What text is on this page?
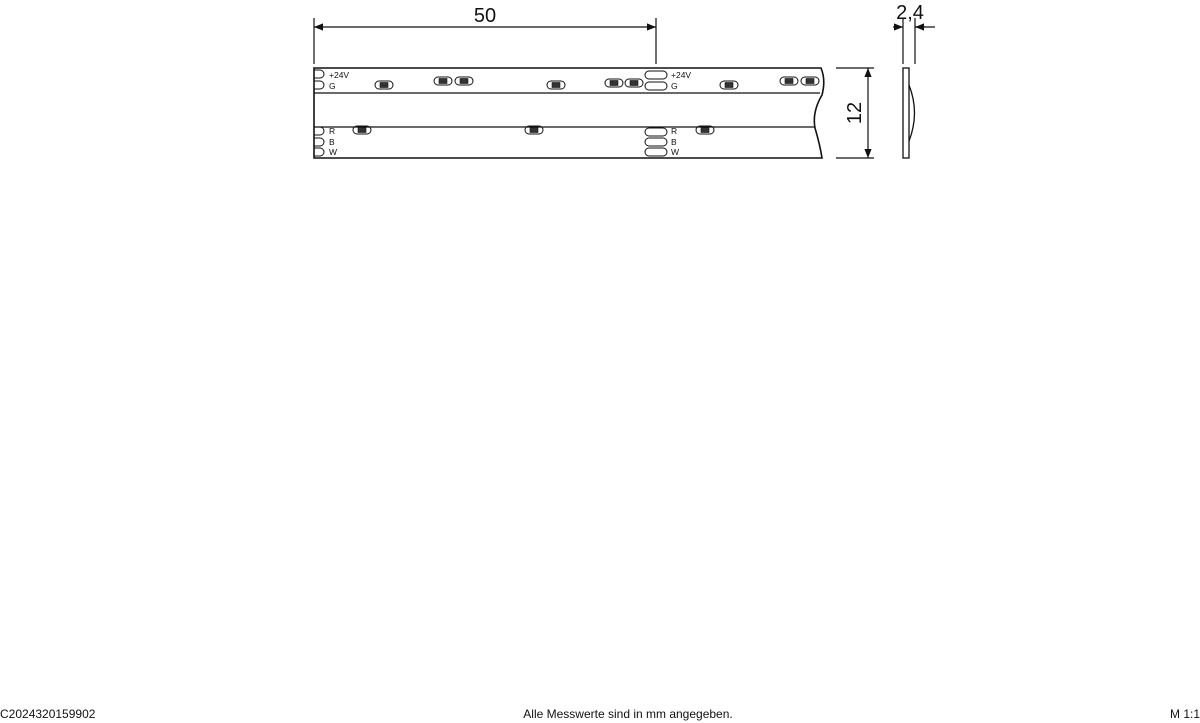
+24V
G
R
B
W
+24V
G
R
B
W
50
12
2,4
C2024320159902	Alle Messwerte sind in mm angegeben.	M 1:1
